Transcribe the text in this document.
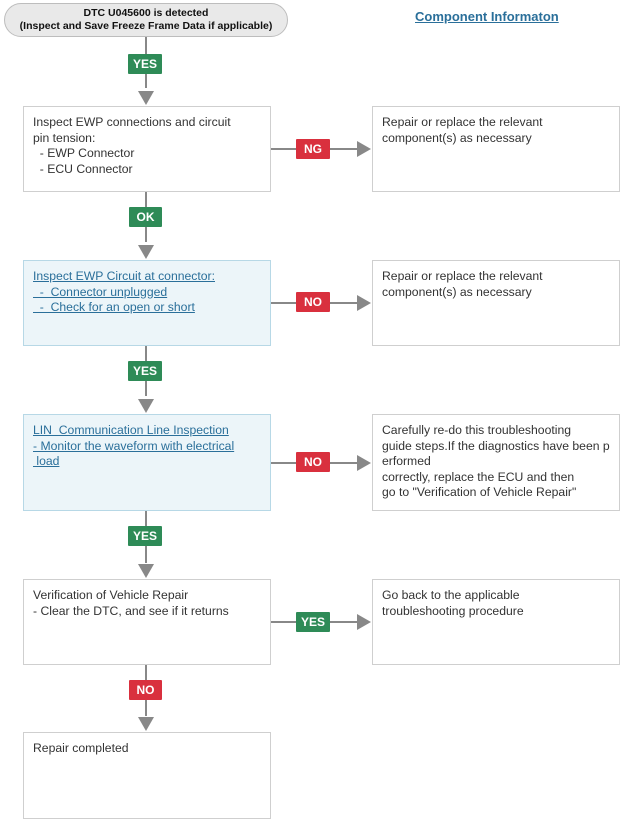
DTC U045600 is detected
(Inspect and Save Freeze Frame Data if applicable)
Component Informaton
YES
Inspect EWP connections and circuit
pin tension:
- EWP Connector
- ECU Connector
NG
Repair or replace the relevant
component(s) as necessary
OK
Inspect EWP Circuit at connector:
-  Connector unplugged
-  Check for an open or short	NO
Repair or replace the relevant
component(s) as necessary
YES
LIN  Communication Line Inspection
- Monitor the waveform with electrical
load	NO
Carefully re-do this troubleshooting
guide steps.If the diagnostics have been p
erformed
correctly, replace the ECU and then
go to "Verification of Vehicle Repair"
YES
Verification of Vehicle Repair
- Clear the DTC, and see if it returns
YES
Go back to the applicable
troubleshooting procedure
NO
Repair completed
